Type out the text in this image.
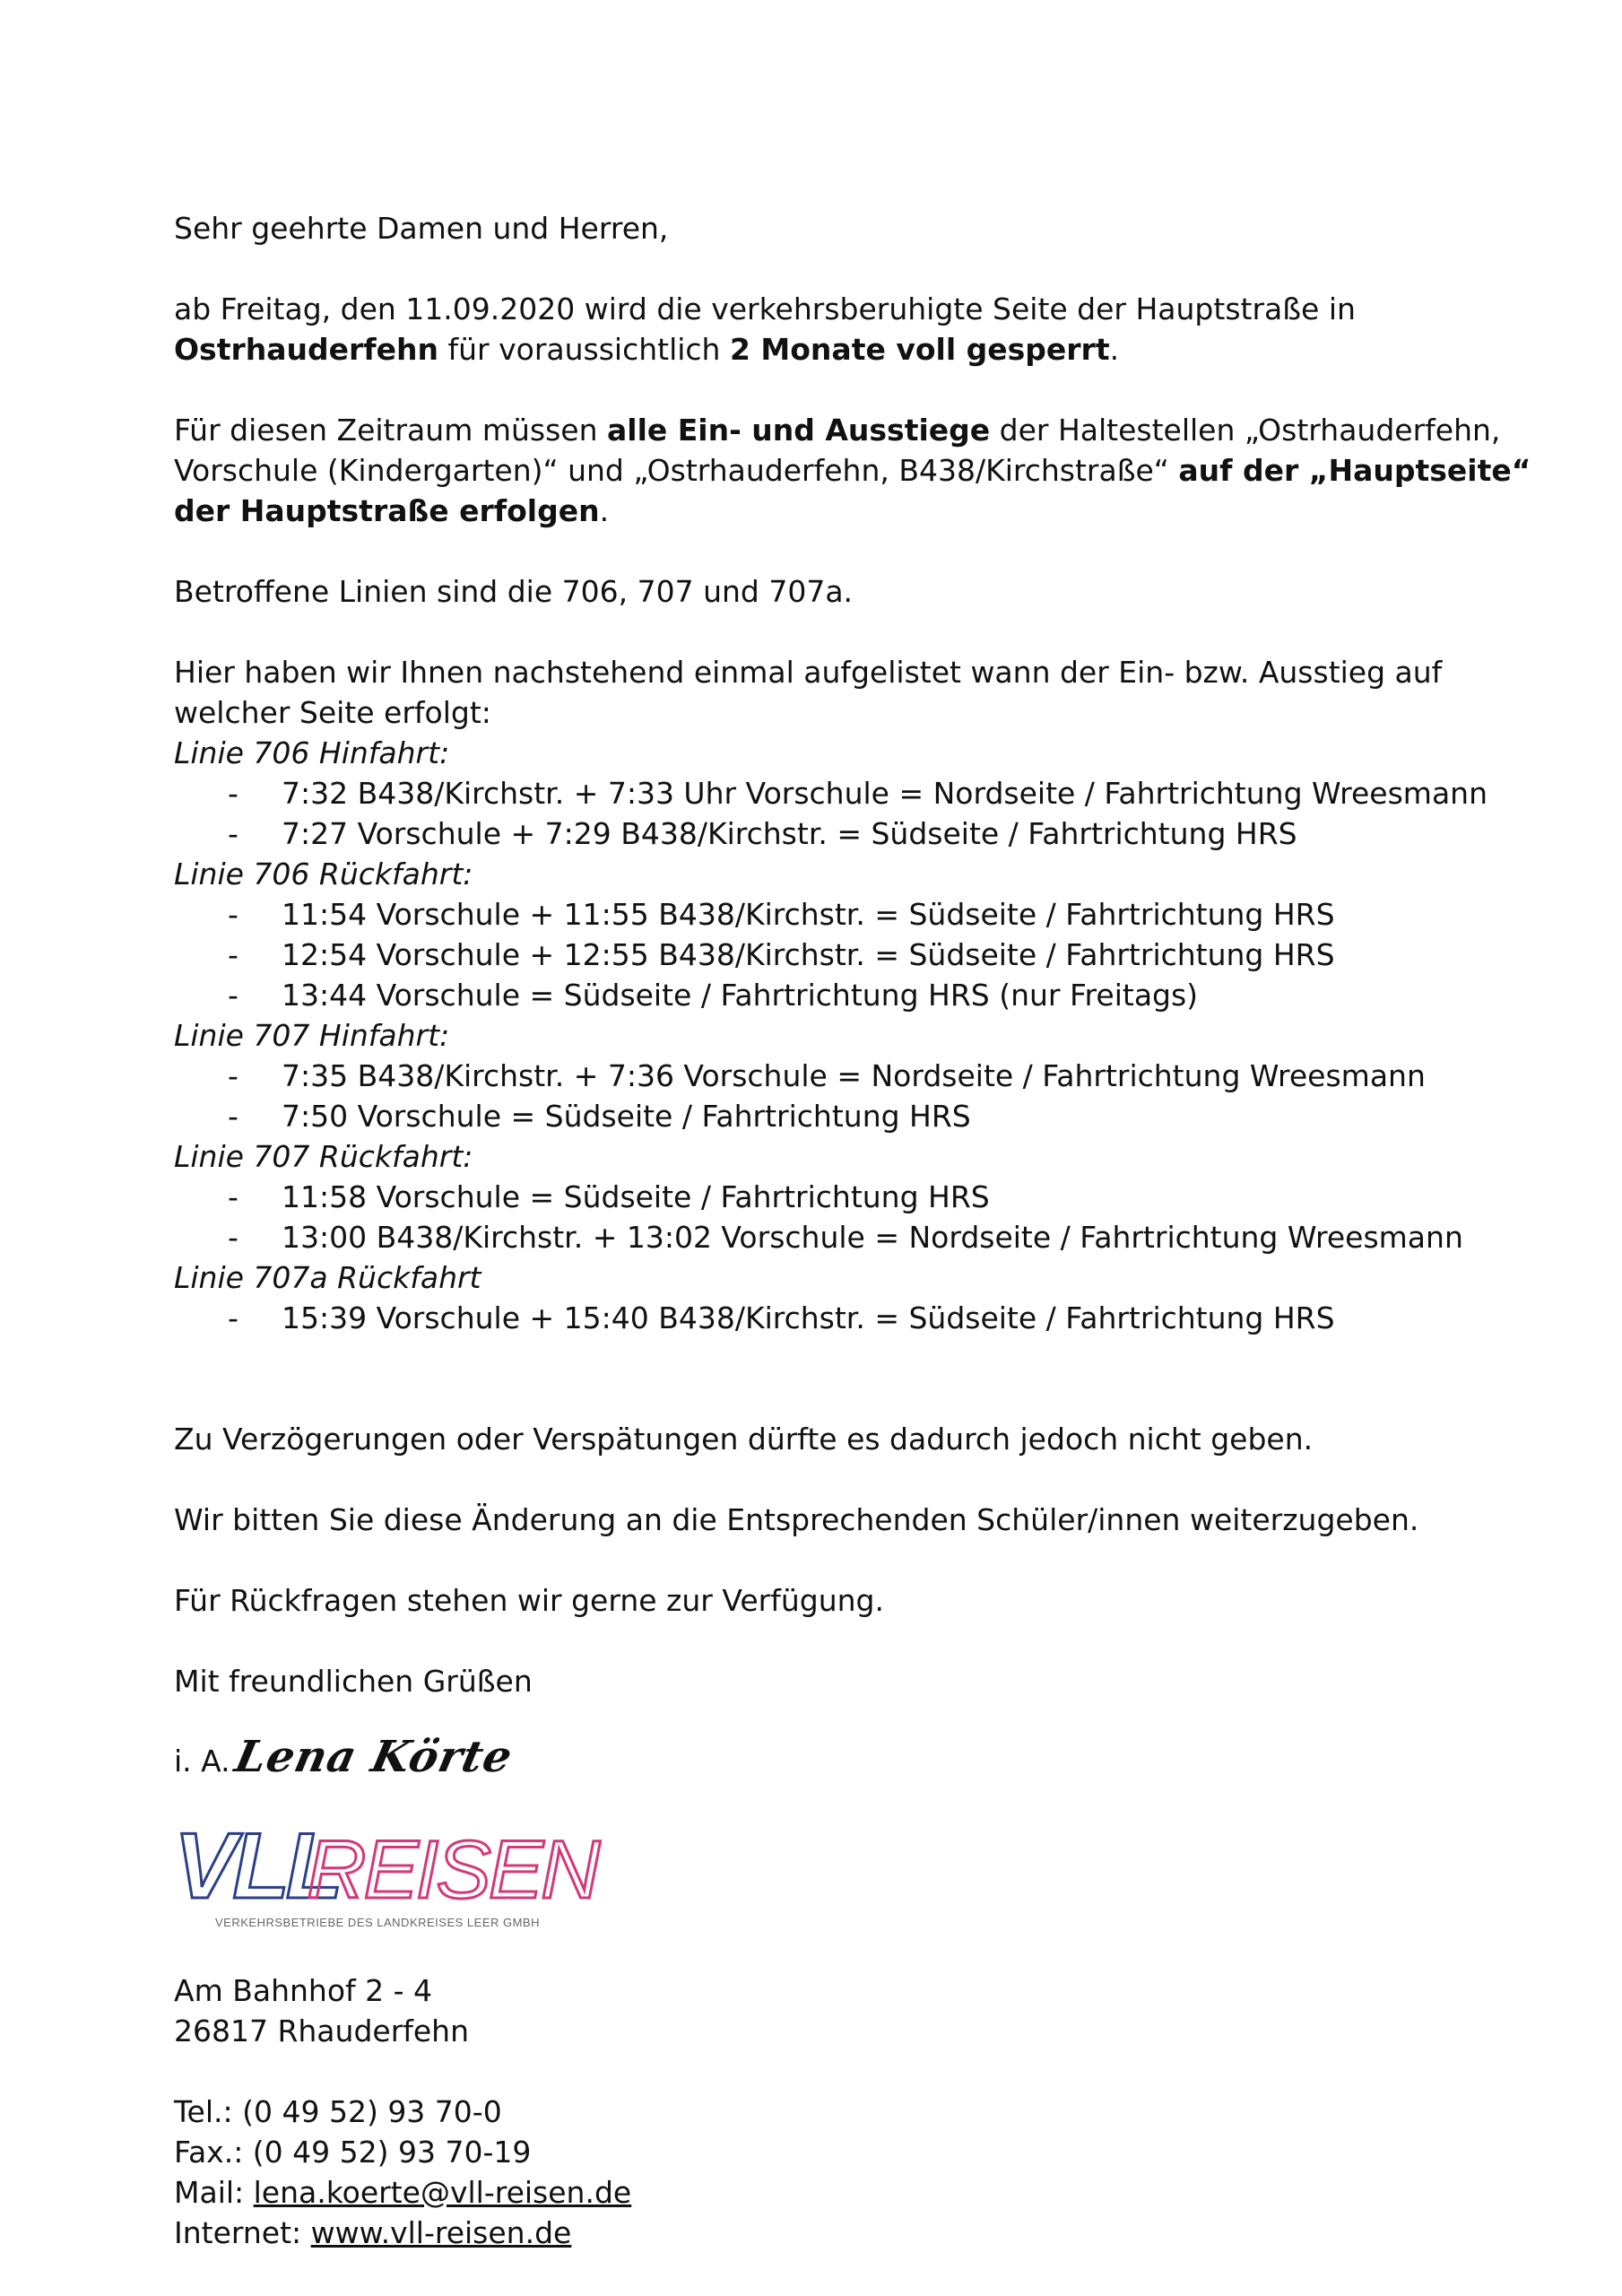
Sehr geehrte Damen und Herren,

ab Freitag, den 11.09.2020 wird die verkehrsberuhigte Seite der Hauptstraße in Ostrhauderfehn für voraussichtlich 2 Monate voll gesperrt.

Für diesen Zeitraum müssen alle Ein- und Ausstiege der Haltestellen „Ostrhauderfehn, Vorschule (Kindergarten)“ und „Ostrhauderfehn, B438/Kirchstraße“ auf der „Hauptseite“ der Hauptstraße erfolgen.

Betroffene Linien sind die 706, 707 und 707a.

Hier haben wir Ihnen nachstehend einmal aufgelistet wann der Ein- bzw. Ausstieg auf welcher Seite erfolgt:

Linie 706 Hinfahrt:

- 7:32 B438/Kirchstr. + 7:33 Uhr Vorschule = Nordseite / Fahrtrichtung Wreesmann
- 7:27 Vorschule + 7:29 B438/Kirchstr. = Südseite / Fahrtrichtung HRS

Linie 706 Rückfahrt:

- 11:54 Vorschule + 11:55 B438/Kirchstr. = Südseite / Fahrtrichtung HRS
- 12:54 Vorschule + 12:55 B438/Kirchstr. = Südseite / Fahrtrichtung HRS
- 13:44 Vorschule = Südseite / Fahrtrichtung HRS (nur Freitags)

Linie 707 Hinfahrt:

- 7:35 B438/Kirchstr. + 7:36 Vorschule = Nordseite / Fahrtrichtung Wreesmann
- 7:50 Vorschule = Südseite / Fahrtrichtung HRS

Linie 707 Rückfahrt:

- 11:58 Vorschule = Südseite / Fahrtrichtung HRS
- 13:00 B438/Kirchstr. + 13:02 Vorschule = Nordseite / Fahrtrichtung Wreesmann

Linie 707a Rückfahrt

- 15:39 Vorschule + 15:40 B438/Kirchstr. = Südseite / Fahrtrichtung HRS

Zu Verzögerungen oder Verspätungen dürfte es dadurch jedoch nicht geben.

Wir bitten Sie diese Änderung an die Entsprechenden Schüler/innen weiterzugeben.

Für Rückfragen stehen wir gerne zur Verfügung.

Mit freundlichen Grüßen

i. A. Lena Körte
VLL
REISEN
VERKEHRSBETRIEBE DES LANDKREISES LEER GMBH

Am Bahnhof 2 - 4

26817 Rhauderfehn

Tel.: (0 49 52) 93 70-0

Fax.: (0 49 52) 93 70-19

Mail: lena.koerte@vll-reisen.de

Internet: www.vll-reisen.de
